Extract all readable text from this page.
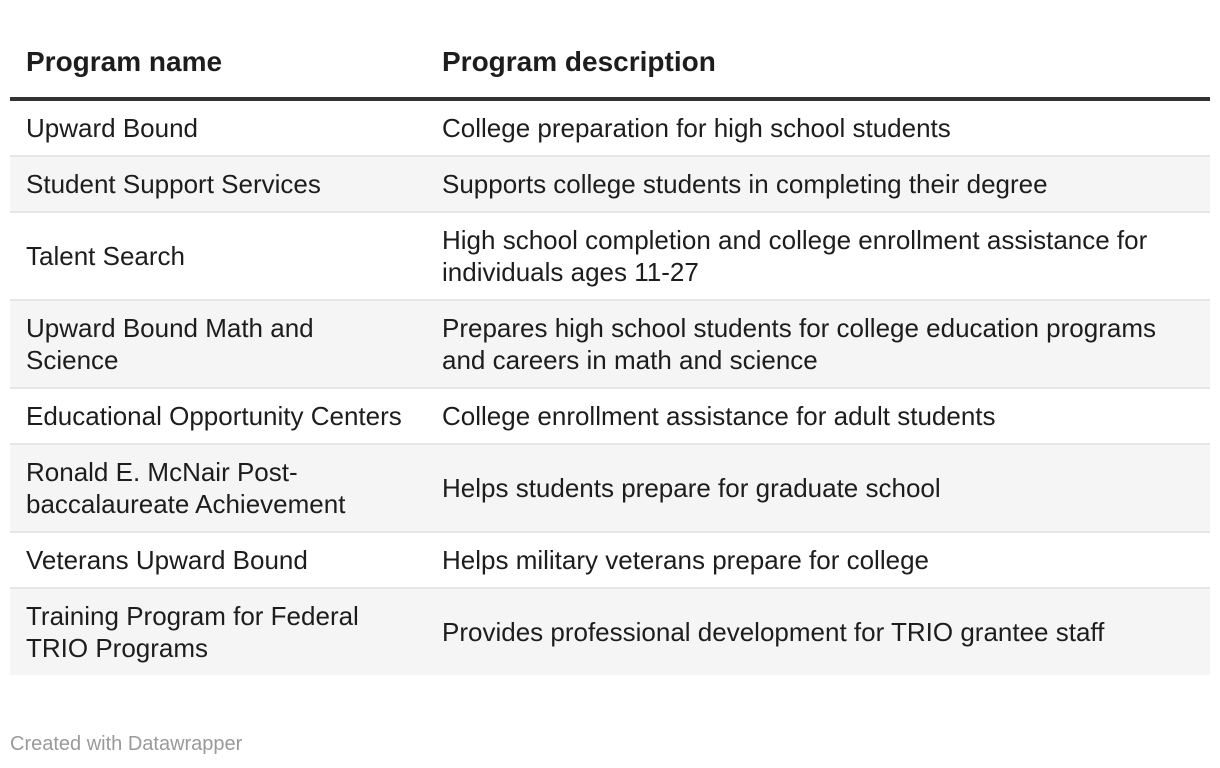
Program name	Program description
Upward Bound	College preparation for high school students
Student Support Services	Supports college students in completing their degree
Talent Search	High school completion and college enrollment assistance for individuals ages 11-27
Upward Bound Math and Science	Prepares high school students for college education programs and careers in math and science
Educational Opportunity Centers	College enrollment assistance for adult students
Ronald E. McNair Post-baccalaureate Achievement	Helps students prepare for graduate school
Veterans Upward Bound	Helps military veterans prepare for college
Training Program for Federal TRIO Programs	Provides professional development for TRIO grantee staff
Created with Datawrapper
